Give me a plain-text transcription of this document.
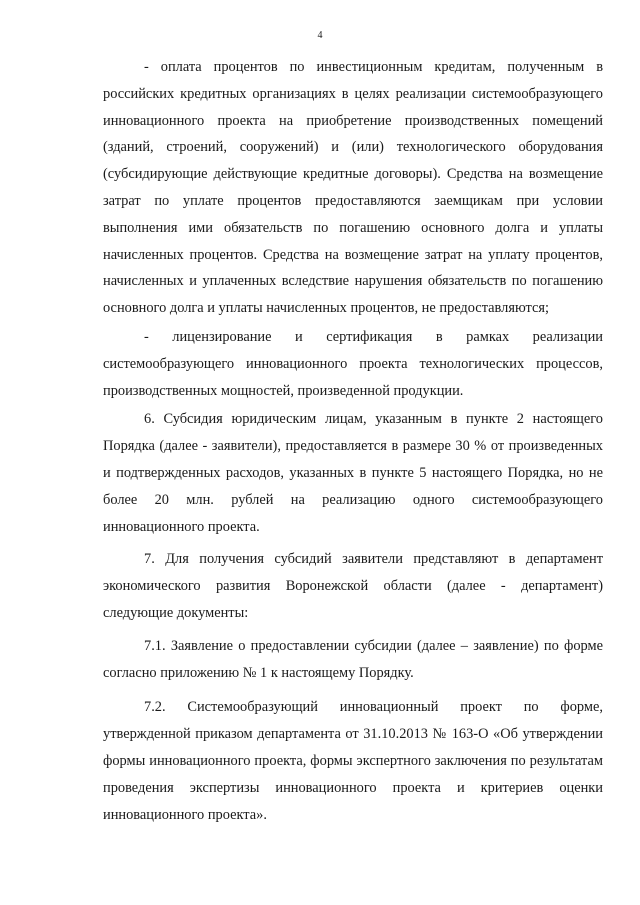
4

- оплата процентов по инвестиционным кредитам, полученным в российских кредитных организациях в целях реализации системообразующего инновационного проекта на приобретение производственных помещений (зданий, строений, сооружений) и (или) технологического оборудования (субсидирующие действующие кредитные договоры). Средства на возмещение затрат по уплате процентов предоставляются заемщикам при условии выполнения ими обязательств по погашению основного долга и уплаты начисленных процентов. Средства на возмещение затрат на уплату процентов, начисленных и уплаченных вследствие нарушения обязательств по погашению основного долга и уплаты начисленных процентов, не предоставляются;

- лицензирование и сертификация в рамках реализации системообразующего инновационного проекта технологических процессов, производственных мощностей, произведенной продукции.

6. Субсидия юридическим лицам, указанным в пункте 2 настоящего Порядка (далее - заявители), предоставляется в размере 30 % от произведенных и подтвержденных расходов, указанных в пункте 5 настоящего Порядка, но не более 20 млн. рублей на реализацию одного системообразующего инновационного проекта.

7. Для получения субсидий заявители представляют в департамент экономического развития Воронежской области (далее - департамент) следующие документы:

7.1. Заявление о предоставлении субсидии (далее – заявление) по форме согласно приложению № 1 к настоящему Порядку.

7.2. Системообразующий инновационный проект по форме, утвержденной приказом департамента от 31.10.2013 № 163-О «Об утверждении формы инновационного проекта, формы экспертного заключения по результатам проведения экспертизы инновационного проекта и критериев оценки инновационного проекта».
